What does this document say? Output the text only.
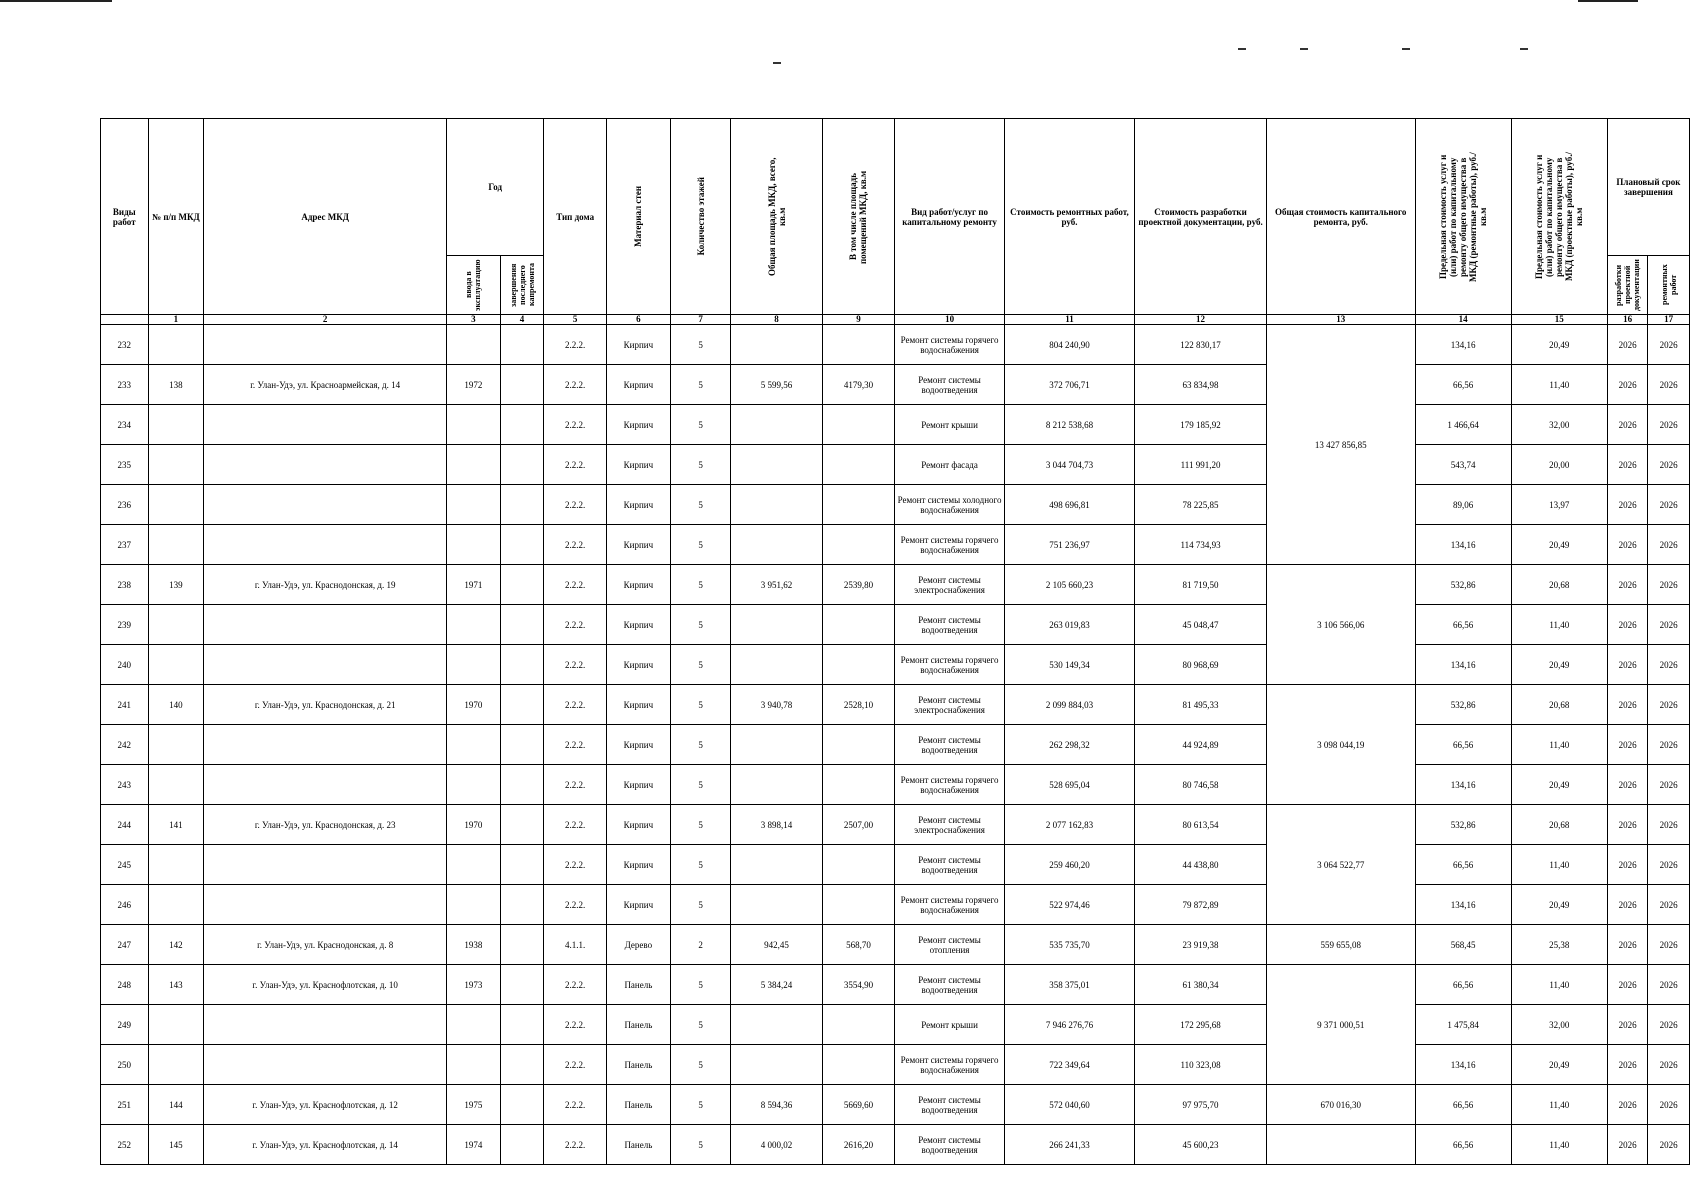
Виды работ	№ п/п МКД	Адрес МКД	Год		Тип дома	Материал стен	Количество этажей	Общая площадь МКД, всего, кв.м	В том числе площадь помещений МКД, кв.м	Вид работ/услуг по капитальному ремонту	Стоимость ремонтных работ, руб.	Стоимость разработки проектной документации, руб.	Общая стоимость капитального ремонта, руб.	Предельная стоимость услуг и (или) работ по капитальному ремонту общего имущества в МКД (ремонтные работы), руб./кв.м	Предельная стоимость услуг и (или) работ по капитальному ремонту общего имущества в МКД (проектные работы), руб./кв.м	Плановый срок завершения	

			ввода в эксплуатацию	завершения последнего капремонта												разработки проектной документации	ремонтных работ

	1	2	3	4	5	6	7	8	9	10	11	12	13	14	15	16	17
232					2.2.2.	Кирпич	5			Ремонт системы горячего водоснабжения	804 240,90	122 830,17	13 427 856,85	134,16	20,49	2026	2026
233	138	г. Улан-Удэ, ул. Красноармейская, д. 14	1972		2.2.2.	Кирпич	5	5 599,56	4179,30	Ремонт системы водоотведения	372 706,71	63 834,98		66,56	11,40	2026	2026
234					2.2.2.	Кирпич	5			Ремонт крыши	8 212 538,68	179 185,92		1 466,64	32,00	2026	2026
235					2.2.2.	Кирпич	5			Ремонт фасада	3 044 704,73	111 991,20		543,74	20,00	2026	2026
236					2.2.2.	Кирпич	5			Ремонт системы холодного водоснабжения	498 696,81	78 225,85		89,06	13,97	2026	2026
237					2.2.2.	Кирпич	5			Ремонт системы горячего водоснабжения	751 236,97	114 734,93		134,16	20,49	2026	2026
238	139	г. Улан-Удэ, ул. Краснодонская, д. 19	1971		2.2.2.	Кирпич	5	3 951,62	2539,80	Ремонт системы электроснабжения	2 105 660,23	81 719,50	3 106 566,06	532,86	20,68	2026	2026
239					2.2.2.	Кирпич	5			Ремонт системы водоотведения	263 019,83	45 048,47		66,56	11,40	2026	2026
240					2.2.2.	Кирпич	5			Ремонт системы горячего водоснабжения	530 149,34	80 968,69		134,16	20,49	2026	2026
241	140	г. Улан-Удэ, ул. Краснодонская, д. 21	1970		2.2.2.	Кирпич	5	3 940,78	2528,10	Ремонт системы электроснабжения	2 099 884,03	81 495,33	3 098 044,19	532,86	20,68	2026	2026
242					2.2.2.	Кирпич	5			Ремонт системы водоотведения	262 298,32	44 924,89		66,56	11,40	2026	2026
243					2.2.2.	Кирпич	5			Ремонт системы горячего водоснабжения	528 695,04	80 746,58		134,16	20,49	2026	2026
244	141	г. Улан-Удэ, ул. Краснодонская, д. 23	1970		2.2.2.	Кирпич	5	3 898,14	2507,00	Ремонт системы электроснабжения	2 077 162,83	80 613,54	3 064 522,77	532,86	20,68	2026	2026
245					2.2.2.	Кирпич	5			Ремонт системы водоотведения	259 460,20	44 438,80		66,56	11,40	2026	2026
246					2.2.2.	Кирпич	5			Ремонт системы горячего водоснабжения	522 974,46	79 872,89		134,16	20,49	2026	2026
247	142	г. Улан-Удэ, ул. Краснодонская, д. 8	1938		4.1.1.	Дерево	2	942,45	568,70	Ремонт системы отопления	535 735,70	23 919,38	559 655,08	568,45	25,38	2026	2026
248	143	г. Улан-Удэ, ул. Краснофлотская, д. 10	1973		2.2.2.	Панель	5	5 384,24	3554,90	Ремонт системы водоотведения	358 375,01	61 380,34	9 371 000,51	66,56	11,40	2026	2026
249					2.2.2.	Панель	5			Ремонт крыши	7 946 276,76	172 295,68		1 475,84	32,00	2026	2026
250					2.2.2.	Панель	5			Ремонт системы горячего водоснабжения	722 349,64	110 323,08		134,16	20,49	2026	2026
251	144	г. Улан-Удэ, ул. Краснофлотская, д. 12	1975		2.2.2.	Панель	5	8 594,36	5669,60	Ремонт системы водоотведения	572 040,60	97 975,70	670 016,30	66,56	11,40	2026	2026
252	145	г. Улан-Удэ, ул. Краснофлотская, д. 14	1974		2.2.2.	Панель	5	4 000,02	2616,20	Ремонт системы водоотведения	266 241,33	45 600,23		66,56	11,40	2026	2026
